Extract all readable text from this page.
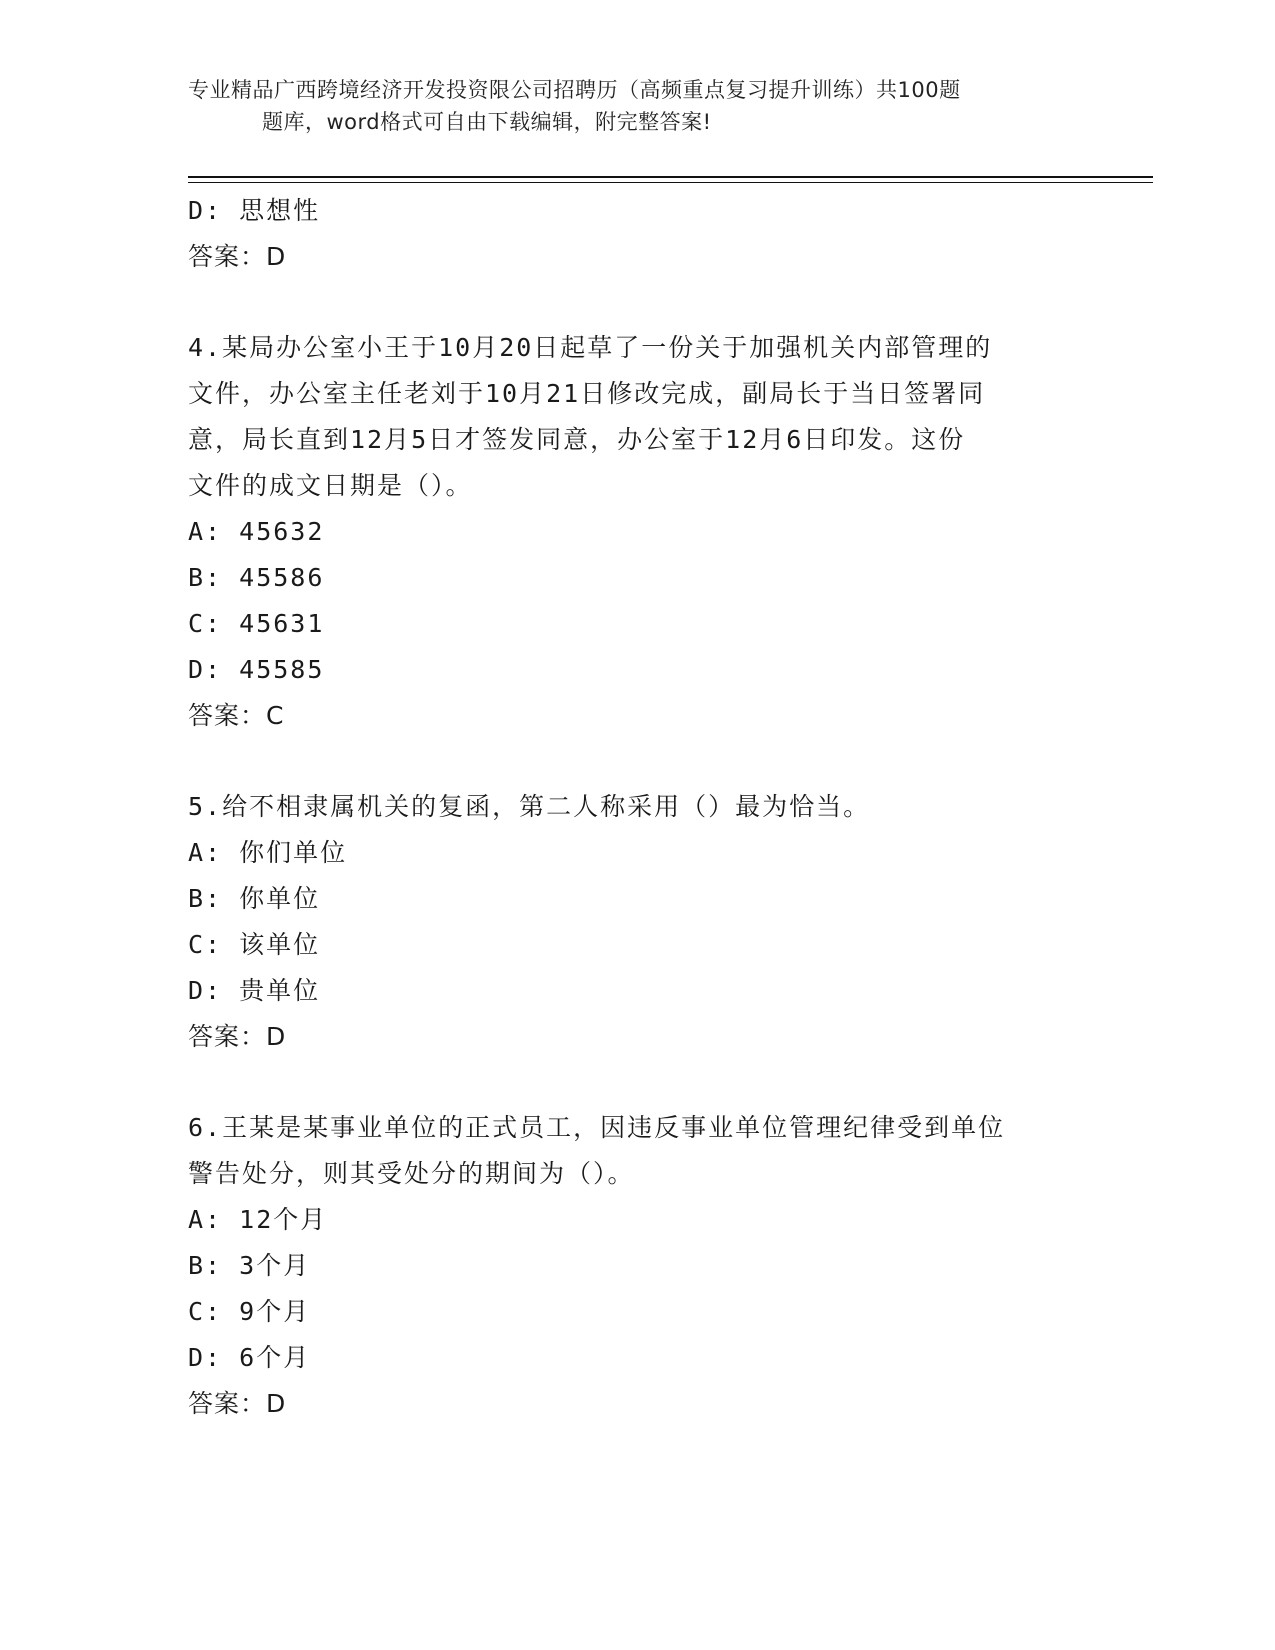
专业精品广西跨境经济开发投资限公司招聘历（高频重点复习提升训练）共100题
题库，word格式可自由下载编辑，附完整答案!
D: 思想性
答案：D
4.某局办公室小王于10月20日起草了一份关于加强机关内部管理的
文件，办公室主任老刘于10月21日修改完成，副局长于当日签署同
意，局长直到12月5日才签发同意，办公室于12月6日印发。这份
文件的成文日期是（）。
A: 45632
B: 45586
C: 45631
D: 45585
答案：C
5.给不相隶属机关的复函，第二人称采用（）最为恰当。
A: 你们单位
B: 你单位
C: 该单位
D: 贵单位
答案：D
6.王某是某事业单位的正式员工，因违反事业单位管理纪律受到单位
警告处分，则其受处分的期间为（）。
A: 12个月
B: 3个月
C: 9个月
D: 6个月
答案：D
